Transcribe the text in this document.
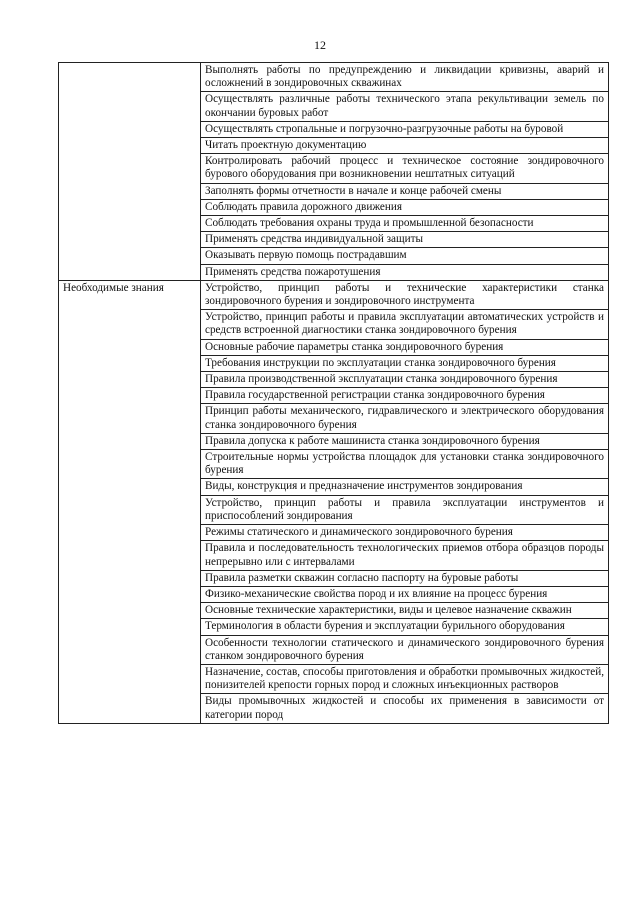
12
	Выполнять работы по предупреждению и ликвидации кривизны, аварий и осложнений в зондировочных скважинах
	Осуществлять различные работы технического этапа рекультивации земель по окончании буровых работ
	Осуществлять стропальные и погрузочно-разгрузочные работы на буровой
	Читать проектную документацию
	Контролировать рабочий процесс и техническое состояние зондировочного бурового оборудования при возникновении нештатных ситуаций
	Заполнять формы отчетности в начале и конце рабочей смены
	Соблюдать правила дорожного движения
	Соблюдать требования охраны труда и промышленной безопасности
	Применять средства индивидуальной защиты
	Оказывать первую помощь пострадавшим
	Применять средства пожаротушения
Необходимые знания	Устройство, принцип работы и технические характеристики станка зондировочного бурения и зондировочного инструмента
	Устройство, принцип работы и правила эксплуатации автоматических устройств и средств встроенной диагностики станка зондировочного бурения
	Основные рабочие параметры станка зондировочного бурения
	Требования инструкции по эксплуатации станка зондировочного бурения
	Правила производственной эксплуатации станка зондировочного бурения
	Правила государственной регистрации станка зондировочного бурения
	Принцип работы механического, гидравлического и электрического оборудования станка зондировочного бурения
	Правила допуска к работе машиниста станка зондировочного бурения
	Строительные нормы устройства площадок для установки станка зондировочного бурения
	Виды, конструкция и предназначение инструментов зондирования
	Устройство, принцип работы и правила эксплуатации инструментов и приспособлений зондирования
	Режимы статического и динамического зондировочного бурения
	Правила и последовательность технологических приемов отбора образцов породы непрерывно или с интервалами
	Правила разметки скважин согласно паспорту на буровые работы
	Физико-механические свойства пород и их влияние на процесс бурения
	Основные технические характеристики, виды и целевое назначение скважин
	Терминология в области бурения и эксплуатации бурильного оборудования
	Особенности технологии статического и динамического зондировочного бурения станком зондировочного бурения
	Назначение, состав, способы приготовления и обработки промывочных жидкостей, понизителей крепости горных пород и сложных инъекционных растворов
	Виды промывочных жидкостей и способы их применения в зависимости от категории пород
